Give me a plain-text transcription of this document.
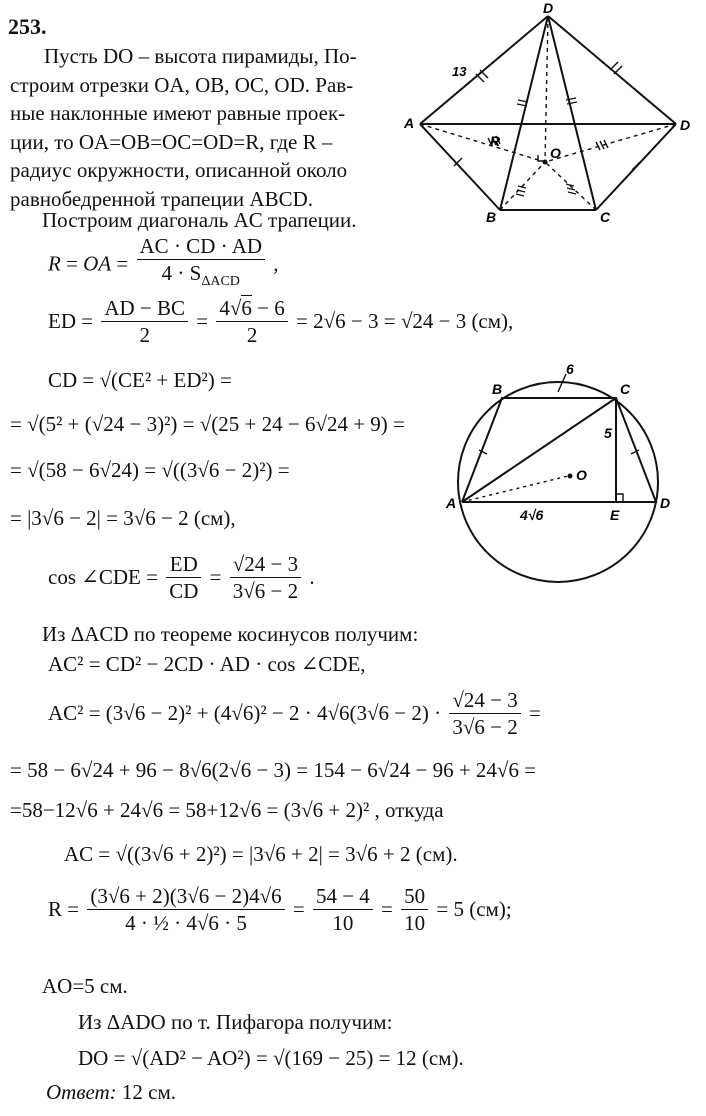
253.

Пусть DO – высота пирамиды, По-

строим отрезки OA, OB, OC, OD. Рав-
ные наклонные имеют равные проек-
ции, то OA=OB=OC=OD=R, где R –
радиус окружности, описанной около
равнобедренной трапеции ABCD.
D
A	D
B	C
O
R
13
Построим диагональ AC трапеции.
R = OA = $\frac{AC \cdot CD \cdot AD}{4 \cdot S_{\Delta ACD}}$ ,
ED = $\frac{AD - BC}{2} = \frac{4√6 - 6}{2} = 2√6 - 3 = √24 - 3$ (см),
CD = √(CE² + ED²) =
= √(5² + (√24 − 3)²) = √(25 + 24 − 6√24 + 9) =
= √(58 − 6√24) = √((3√6 − 2)²) =
= |3√6 − 2| = 3√6 − 2 (см),
B	C
A	D
E
O
6
5
4√6
cos ∠CDE = $\frac{ED}{CD} = \frac{√24 - 3}{3√6 - 2}$ .
Из ΔACD по теореме косинусов получим:
AC² = CD² − 2CD · AD · cos ∠CDE,
$AC^2 = (3√6 - 2)^2 + (4√6)^2 - 2 \cdot 4√6(3√6 - 2) \cdot \frac{√24 - 3}{3√6 - 2}$ =
= 58 − 6√24 + 96 − 8√6(2√6 − 3) = 154 − 6√24 − 96 + 24√6 =
=58−12√6 + 24√6 = 58+12√6 = (3√6 + 2)² , откуда
AC = √((3√6 + 2)²) = |3√6 + 2| = 3√6 + 2 (см).
$R = \frac{(3√6 + 2)(3√6 - 2)4√6}{\text{4 · ½ · 4√6 · 5}} = \frac{54 - 4}{10} = \frac{50}{10} = 5$ (см);
AO=5 см.
Из ΔADO по т. Пифагора получим:
DO = √(AD² − AO²) = √(169 − 25) = 12 (см).
Ответ: 12 см.
